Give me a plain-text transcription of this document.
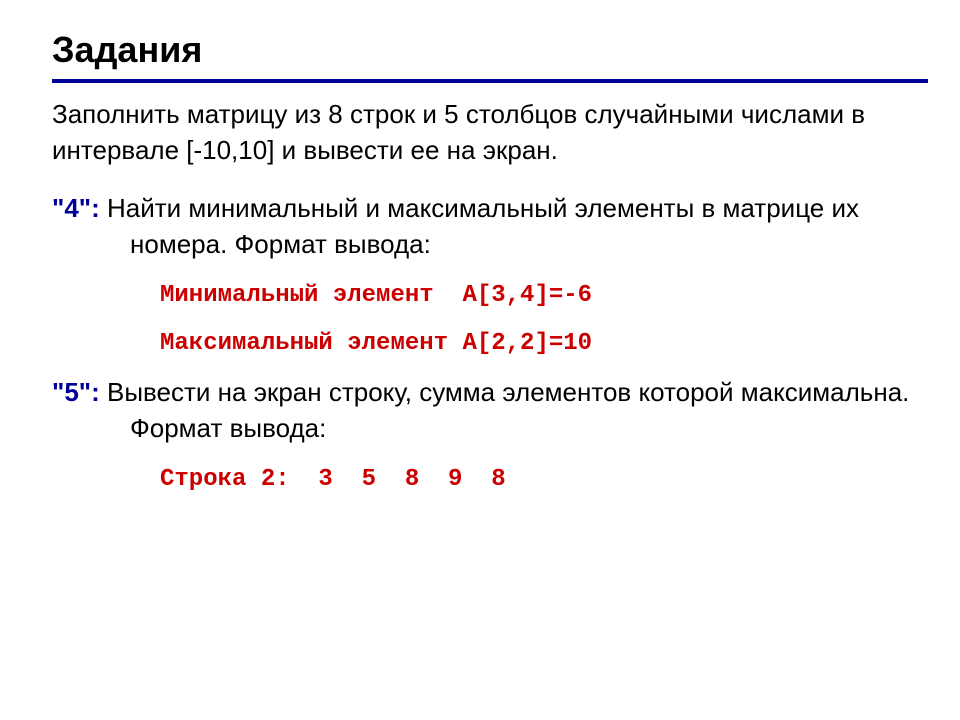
Задания
Заполнить матрицу из 8 строк и 5 столбцов случайными числами в интервале [-10,10] и вывести ее на экран.
"4": Найти минимальный и максимальный элементы в матрице их номера. Формат вывода:
Минимальный элемент  A[3,4]=-6
Максимальный элемент A[2,2]=10
"5": Вывести на экран строку, сумма элементов которой максимальна. Формат вывода:
Строка 2:  3  5  8  9  8
